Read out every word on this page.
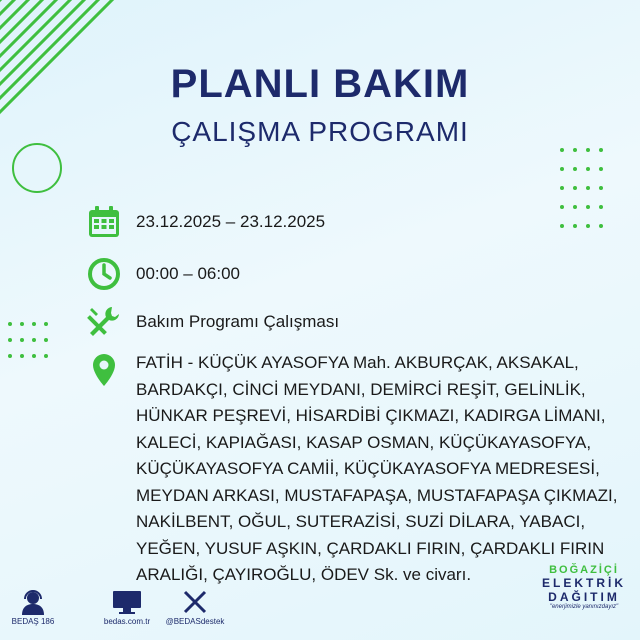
PLANLI BAKIM
ÇALIŞMA PROGRAMI
23.12.2025 – 23.12.2025
00:00 – 06:00
Bakım Programı Çalışması
FATİH - KÜÇÜK AYASOFYA Mah. AKBURÇAK, AKSAKAL, BARDAKÇI, CİNCİ MEYDANI, DEMİRCİ REŞİT, GELİNLİK, HÜNKAR PEŞREVİ, HİSARDİBİ ÇIKMAZI, KADIRGA LİMANI, KALECİ, KAPIAĞASI, KASAP OSMAN, KÜÇÜKAYASOFYA, KÜÇÜKAYASOFYA CAMİİ, KÜÇÜKAYASOFYA MEDRESESİ, MEYDAN ARKASI, MUSTAFAPAŞA, MUSTAFAPAŞA ÇIKMAZI, NAKİLBENT, OĞUL, SUTERAZİSİ, SUZİ DİLARA, YABACI, YEĞEN, YUSUF AŞKIN, ÇARDAKLI FIRIN, ÇARDAKLI FIRIN ARALIĞI, ÇAYIROĞLU, ÖDEV Sk. ve civarı.
BEDAŞ 186	bedas.com.tr	@BEDASdestek
BOĞAZİÇİ
ELEKTRİK
DAĞITIM
"enerjimizle yanınızdayız"
